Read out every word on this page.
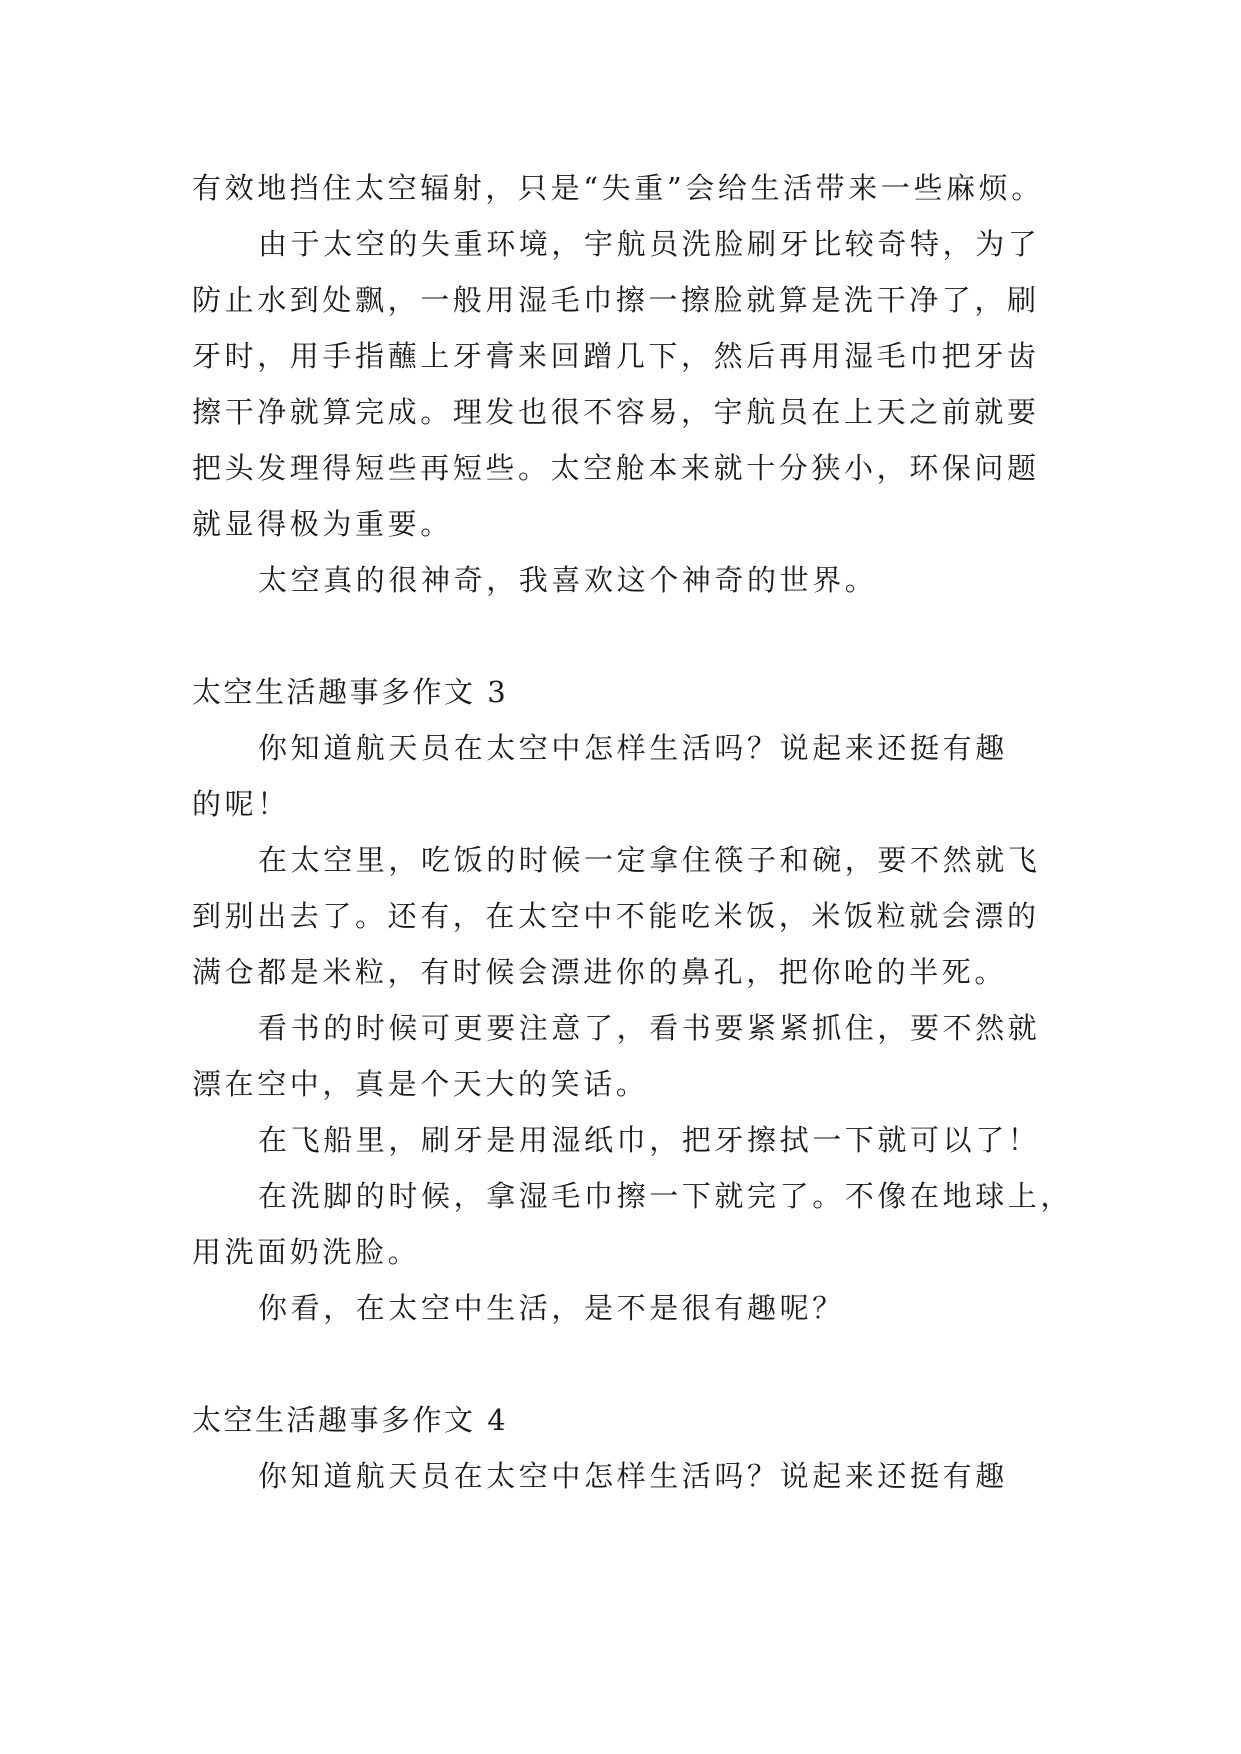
有效地挡住太空辐射，只是“失重”会给生活带来一些麻烦。
由于太空的失重环境，宇航员洗脸刷牙比较奇特，为了
防止水到处飘，一般用湿毛巾擦一擦脸就算是洗干净了，刷
牙时，用手指蘸上牙膏来回蹭几下，然后再用湿毛巾把牙齿
擦干净就算完成。理发也很不容易，宇航员在上天之前就要
把头发理得短些再短些。太空舱本来就十分狭小，环保问题
就显得极为重要。
太空真的很神奇，我喜欢这个神奇的世界。
太空生活趣事多作文 3
你知道航天员在太空中怎样生活吗？说起来还挺有趣
的呢！
在太空里，吃饭的时候一定拿住筷子和碗，要不然就飞
到别出去了。还有，在太空中不能吃米饭，米饭粒就会漂的
满仓都是米粒，有时候会漂进你的鼻孔，把你呛的半死。
看书的时候可更要注意了，看书要紧紧抓住，要不然就
漂在空中，真是个天大的笑话。
在飞船里，刷牙是用湿纸巾，把牙擦拭一下就可以了！
在洗脚的时候，拿湿毛巾擦一下就完了。不像在地球上，
用洗面奶洗脸。
你看，在太空中生活，是不是很有趣呢？
太空生活趣事多作文 4
你知道航天员在太空中怎样生活吗？说起来还挺有趣
